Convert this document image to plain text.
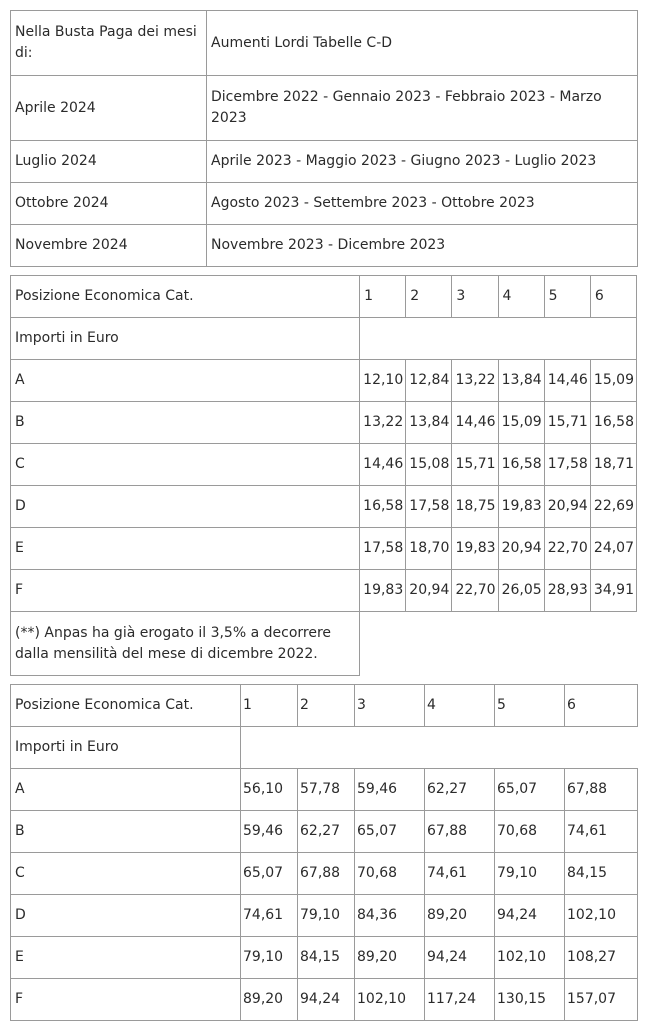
Nella Busta Paga dei mesi di:	Aumenti Lordi Tabelle C-D
Aprile 2024	Dicembre 2022 - Gennaio 2023 - Febbraio 2023 - Marzo 2023
Luglio 2024	Aprile 2023 - Maggio 2023 - Giugno 2023 - Luglio 2023
Ottobre 2024	Agosto 2023 - Settembre 2023 - Ottobre 2023
Novembre 2024	Novembre 2023 - Dicembre 2023
Posizione Economica Cat.	1	2	3	4	5	6
Importi in Euro						
A	12,10	12,84	13,22	13,84	14,46	15,09
B	13,22	13,84	14,46	15,09	15,71	16,58
C	14,46	15,08	15,71	16,58	17,58	18,71
D	16,58	17,58	18,75	19,83	20,94	22,69
E	17,58	18,70	19,83	20,94	22,70	24,07
F	19,83	20,94	22,70	26,05	28,93	34,91
(**) Anpas ha già erogato il 3,5% a decorrere dalla mensilità del mese di dicembre 2022.						
Posizione Economica Cat.	1	2	3	4	5	6
Importi in Euro						
A	56,10	57,78	59,46	62,27	65,07	67,88
B	59,46	62,27	65,07	67,88	70,68	74,61
C	65,07	67,88	70,68	74,61	79,10	84,15
D	74,61	79,10	84,36	89,20	94,24	102,10
E	79,10	84,15	89,20	94,24	102,10	108,27
F	89,20	94,24	102,10	117,24	130,15	157,07
